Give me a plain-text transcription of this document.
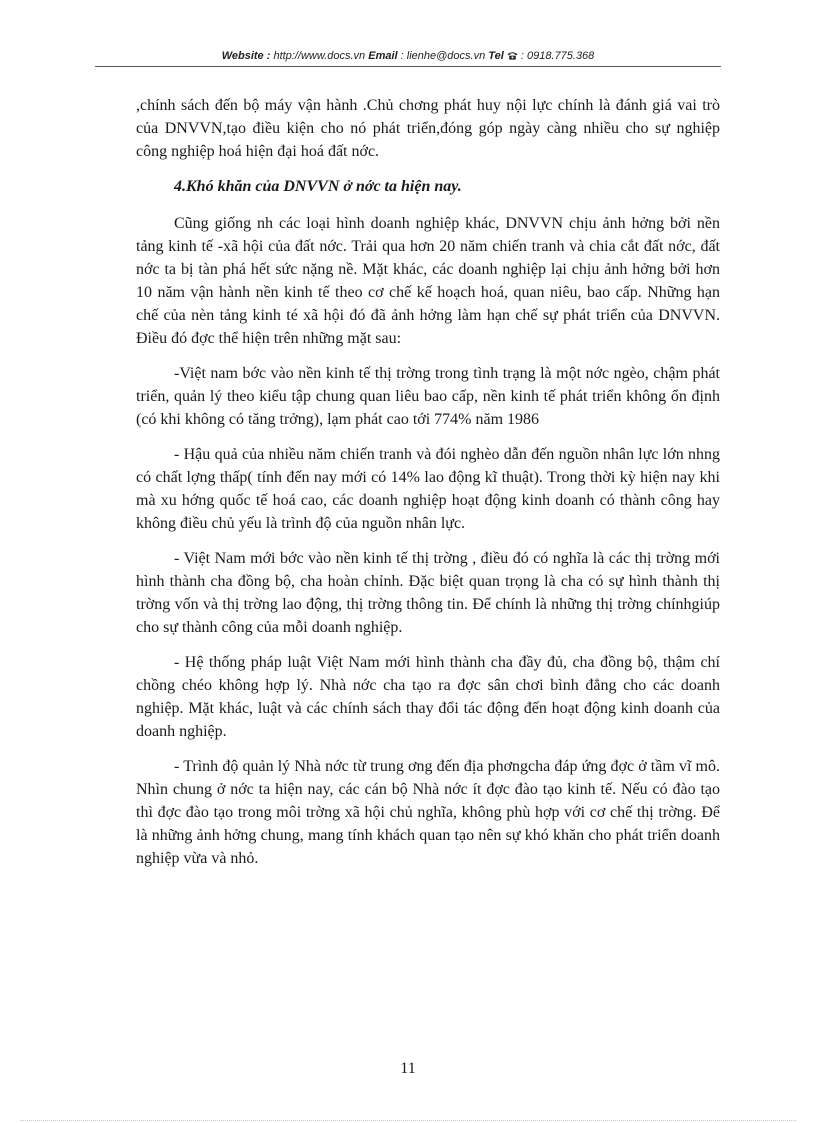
Website : http://www.docs.vn Email : lienhe@docs.vn Tel : 0918.775.368

,chính sách đến bộ máy vận hành .Chủ chơng phát huy nội lực chính là đánh giá vai trò của DNVVN,tạo điều kiện cho nó phát triển,đóng góp ngày càng nhiều cho sự nghiệp công nghiệp hoá hiện đại hoá đất nớc.

4.Khó khăn của DNVVN ở nớc ta hiện nay.

Cũng giống nh các loại hình doanh nghiệp khác, DNVVN chịu ảnh hởng bởi nền tảng kinh tế -xã hội của đất nớc. Trải qua hơn 20 năm chiến tranh và chia cắt đất nớc, đất nớc ta bị tàn phá hết sức nặng nề. Mặt khác, các doanh nghiệp lại chịu ảnh hởng bởi hơn 10 năm vận hành nền kinh tế theo cơ chế kế hoạch hoá, quan niêu, bao cấp. Những hạn chế của nèn tảng kinh té xã hội đó đã ảnh hởng làm hạn chế sự phát triển của DNVVN. Điều đó đợc thể hiện trên những mặt sau:

-Việt nam bớc vào nền kinh tế thị trờng trong tình trạng là một nớc ngèo, chậm phát triển, quản lý theo kiểu tập chung quan liêu bao cấp, nền kinh tế phát triển không ổn định (có khi không có tăng trởng), lạm phát cao tới 774% năm 1986

- Hậu quả của nhiều năm chiến tranh và đói nghèo dẫn đến nguồn nhân lực lớn nhng có chất lợng thấp( tính đến nay mới có 14% lao động kĩ thuật). Trong thời kỳ hiện nay khi mà xu hớng quốc tế hoá cao, các doanh nghiệp hoạt động kinh doanh có thành công hay không điều chủ yếu là trình độ của nguồn nhân lực.

- Việt Nam mới bớc vào nền kinh tế thị trờng , điều đó có nghĩa là các thị trờng mới hình thành cha đồng bộ, cha hoàn chỉnh. Đặc biệt quan trọng là cha có sự hình thành thị trờng vốn và thị trờng lao động, thị trờng thông tin. Để chính là những thị trờng chínhgiúp cho sự thành công của mỗi doanh nghiệp.

- Hệ thống pháp luật Việt Nam mới hình thành cha đầy đủ, cha đồng bộ, thậm chí chồng chéo không hợp lý. Nhà nớc cha tạo ra đợc sân chơi bình đẳng cho các doanh nghiệp. Mặt khác, luật và các chính sách thay đổi tác động đến hoạt động kinh doanh của doanh nghiệp.

- Trình độ quản lý Nhà nớc từ trung ơng đến địa phơngcha đáp ứng đợc ở tầm vĩ mô. Nhìn chung ở nớc ta hiện nay, các cán bộ Nhà nớc ít đợc đào tạo kinh tế. Nếu có đào tạo thì đợc đào tạo trong môi trờng xã hội chủ nghĩa, không phù hợp với cơ chế thị trờng. Để là những ảnh hởng chung, mang tính khách quan tạo nên sự khó khăn cho phát triển doanh nghiệp vừa và nhỏ.

11
